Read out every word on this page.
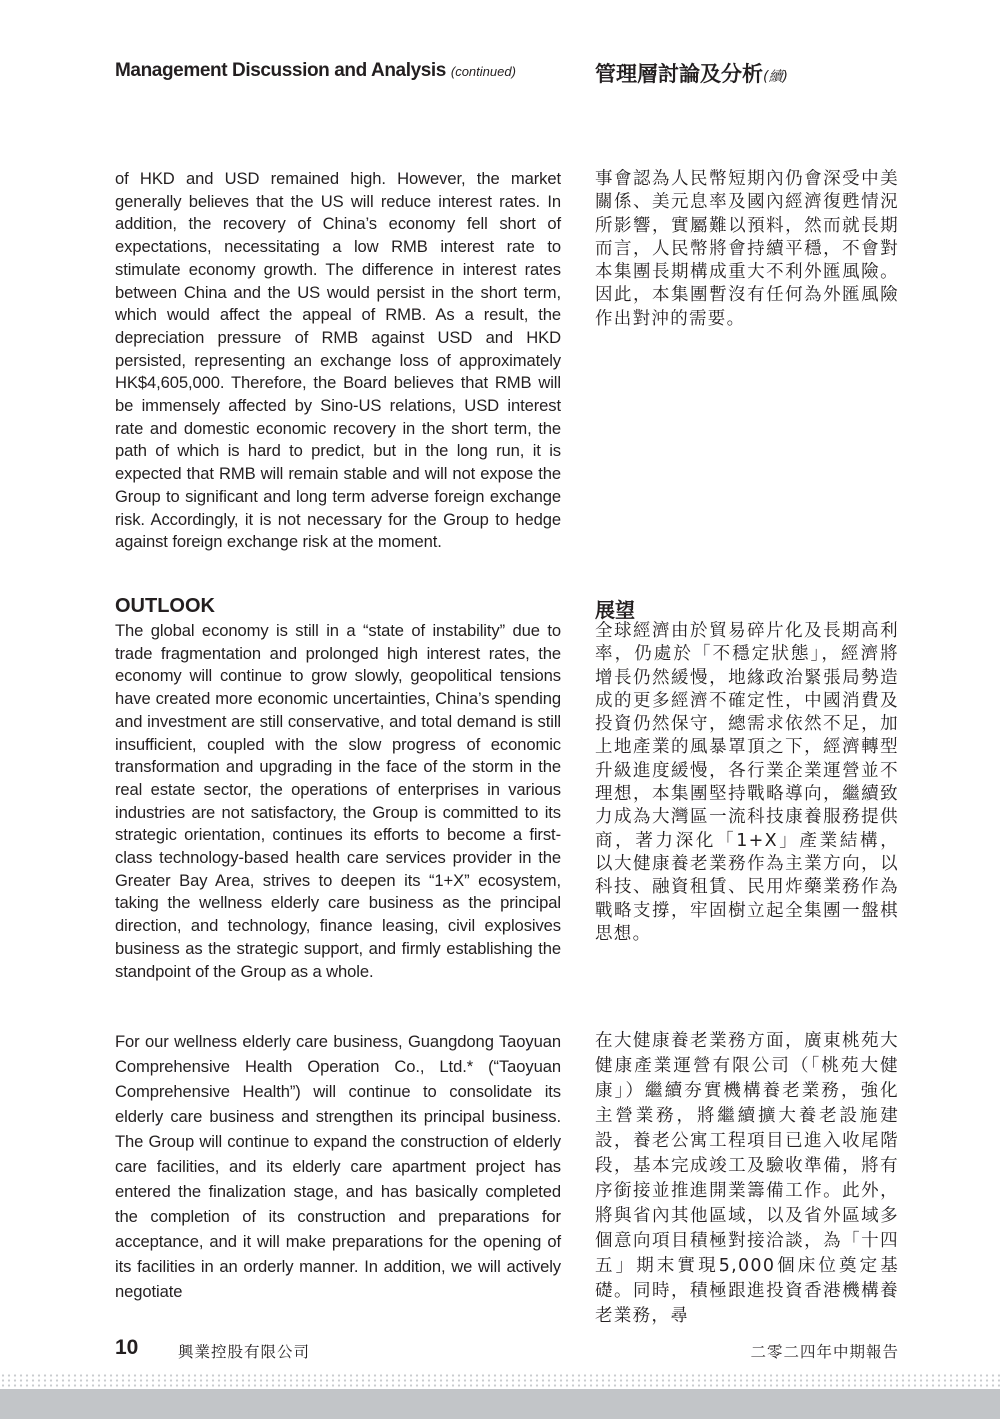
Management Discussion and Analysis (continued)	管理層討論及分析(續)

of HKD and USD remained high. However, the market generally believes that the US will reduce interest rates. In addition, the recovery of China’s economy fell short of expectations, necessitating a low RMB interest rate to stimulate economy growth. The difference in interest rates between China and the US would persist in the short term, which would affect the appeal of RMB. As a result, the depreciation pressure of RMB against USD and HKD persisted, representing an exchange loss of approximately HK$4,605,000. Therefore, the Board believes that RMB will be immensely affected by Sino-US relations, USD interest rate and domestic economic recovery in the short term, the path of which is hard to predict, but in the long run, it is expected that RMB will remain stable and will not expose the Group to significant and long term adverse foreign exchange risk. Accordingly, it is not necessary for the Group to hedge against foreign exchange risk at the moment.

事會認為人民幣短期內仍會深受中美關係、美元息率及國內經濟復甦情況所影響，實屬難以預料，然而就長期而言，人民幣將會持續平穩，不會對本集團長期構成重大不利外匯風險。因此，本集團暫沒有任何為外匯風險作出對沖的需要。

OUTLOOK	展望

The global economy is still in a “state of instability” due to trade fragmentation and prolonged high interest rates, the economy will continue to grow slowly, geopolitical tensions have created more economic uncertainties, China’s spending and investment are still conservative, and total demand is still insufficient, coupled with the slow progress of economic transformation and upgrading in the face of the storm in the real estate sector, the operations of enterprises in various industries are not satisfactory, the Group is committed to its strategic orientation, continues its efforts to become a first-class technology-based health care services provider in the Greater Bay Area, strives to deepen its “1+X” ecosystem, taking the wellness elderly care business as the principal direction, and technology, finance leasing, civil explosives business as the strategic support, and firmly establishing the standpoint of the Group as a whole.

全球經濟由於貿易碎片化及長期高利率，仍處於「不穩定狀態」，經濟將增長仍然緩慢，地緣政治緊張局勢造成的更多經濟不確定性，中國消費及投資仍然保守，總需求依然不足，加上地產業的風暴罩頂之下，經濟轉型升級進度緩慢，各行業企業運營並不理想，本集團堅持戰略導向，繼續致力成為大灣區一流科技康養服務提供商，著力深化「1+X」產業結構，以大健康養老業務作為主業方向，以科技、融資租賃、民用炸藥業務作為戰略支撐，牢固樹立起全集團一盤棋思想。

For our wellness elderly care business, Guangdong Taoyuan Comprehensive Health Operation Co., Ltd.* (“Taoyuan Comprehensive Health”) will continue to consolidate its elderly care business and strengthen its principal business. The Group will continue to expand the construction of elderly care facilities, and its elderly care apartment project has entered the finalization stage, and has basically completed the completion of its construction and preparations for acceptance, and it will make preparations for the opening of its facilities in an orderly manner. In addition, we will actively negotiate

在大健康養老業務方面，廣東桃苑大健康產業運營有限公司（「桃苑大健康」）繼續夯實機構養老業務，強化主營業務，將繼續擴大養老設施建設，養老公寓工程項目已進入收尾階段，基本完成竣工及驗收準備，將有序銜接並推進開業籌備工作。此外，將與省內其他區域，以及省外區域多個意向項目積極對接洽談，為「十四五」期末實現5,000個床位奠定基礎。同時，積極跟進投資香港機構養老業務，尋

10	興業控股有限公司	二零二四年中期報告
